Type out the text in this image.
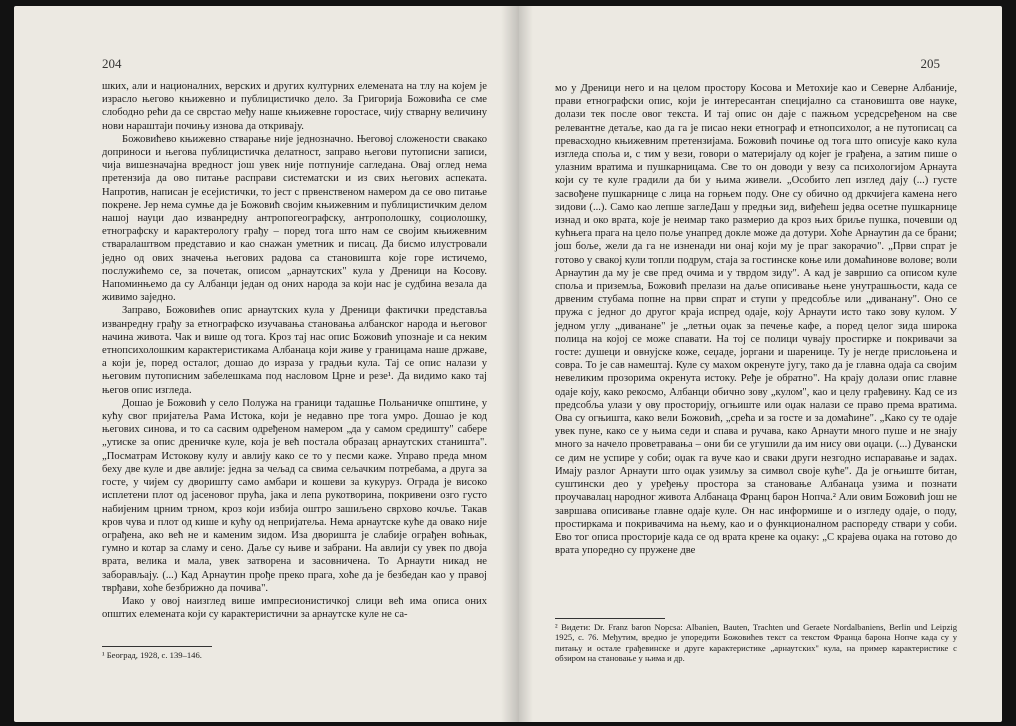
204

шких, али и националних, верских и других културних елемената на тлу на којем је израсло његово књижевно и публицистичко дело. За Григорија Божовића се сме слободно рећи да се сврстао међу наше књижевне горостасе, чију стварну величину нови нараштаји почињу изнова да откривају.

Божовићево књижевно стварање није једнозначно. Његовој сложености свакако доприноси и његова публицистичка делатност, заправо његови путописни записи, чија вишезначајна вредност још увек није потпуније сагледана. Овај оглед нема претензија да ово питање расправи систематски и из свих његових аспеката. Напротив, написан је есејистички, то јест с првенственом намером да се ово питање покрене. Јер нема сумње да је Божовић својим књижевним и публицистичким делом нашој науци дао изванредну антропогеографску, антрополошку, социолошку, етнографску и карактерологу грађу – поред тога што нам се својим књижевним стваралаштвом представио и као снажан уметник и писац. Да бисмо илустровали једно од ових значења његових радова са становишта које горе истичемо, послужићемо се, за почетак, описом „арнаутских" кула у Дреници на Косову. Напоминњемо да су Албанци један од оних народа за који нас је судбина везала да живимо заједно.

Заправо, Божовићев опис арнаутских кула у Дреници фактички представља изванредну грађу за етнографско изучавања становања албанског народа и његовог начина живота. Чак и више од тога. Кроз тај нас опис Божовић упознаје и са неким етнопсихолошким карактеристикама Албанаца који живе у границама наше државе, а који је, поред осталог, дошао до израза у градњи кула. Тај се опис налази у његовим путописним забелешкама под насловом Црне и резе¹. Да видимо како тај његов опис изгледа.

Дошао је Божовић у село Полужа на граници тадашње Польаничке општине, у кућу свог пријатеља Рама Истока, који је недавно пре тога умро. Дошао је код његових синова, и то са сасвим одређеном намером „да у самом средишту" саберe „утиске за опис дреничке куле, која је већ постала образац арнаутских станишта". „Посматрам Истокову кулу и авлију како се то у песми каже. Управо преда мном беху две куле и две авлије: једна за чељад са свима сељачким потребама, а друга за госте, у чијем су дворишту само амбари и кошеви за кукуруз. Ограда је високо исплетени плот од јасеновог прућа, јака и лепа рукотворина, покривени озго густо набијеним црним трном, кроз који избија оштро зашиљено сврхово кочље. Такав кров чува и плот од кише и кућу од непријатеља. Нема арнаутске куће да овако није ограђена, ако већ не и каменим зидом. Иза дворишта је слабије ограђен воћњак, гумно и котар за сламу и сено. Даље су њиве и забрани. На авлији су увек по двоја врата, велика и мала, увек затворена и засовничена. То Арнаути никад не заборављају. (...) Кад Арнаутин прође преко прага, хоће да је безбедан као у правој тврђави, хоће безбрижно да почива".

Иако у овој наизглед више импресионистичкој слици већ има описа оних општих елемената који су карактеристични за арнаутске куле не са-

¹ Београд, 1928, с. 139–146.

205

мо у Дреници него и на целом простору Косова и Метохије као и Северне Албаније, прави етнографски опис, који је интересантан специјално са становишта ове науке, долази тек после овог текста. И тај опис он даје с пажњом усредсређеном на све релевантне детаље, као да га је писао неки етнограф и етнопсихолог, а не путописац са превасходно књижевним претензијама. Божовић почиње од тога што описује како кула изгледа споља и, с тим у вези, говори о материјалу од којег је грађена, а затим пише о улазним вратима и пушкарницама. Све то он доводи у везу са психологијом Арнаута који су те куле градили да би у њима живели. „Особито леп изглед дају (...) густе засвођене пушкарнице с лица на горњем поду. Оне су обично од дркчијега камена него зидови (...). Само као лепше заглеДаш у предњи зид, виђећеш једва осетне пушкарнице изнад и око врата, које је неимар тако размерио да кроз њих бриљe пушка, почевши од кућњега прага на цело поље унапред докле може да дотури. Хоће Арнаутин да се брани; још боље, жели да га не изненади ни онај који му је праг закорачио". „Први спрат је готово у свакој кули топли подрум, стаја за гостинске коње или домаћинове волове; воли Арнаутин да му је све пред очима и у тврдом зиду". А кад је завршио са описом куле споља и приземља, Божовић прелази на даље описивање њене унутрашњости, када се дрвеним стубама попне на први спрат и ступи у предсобље или „диванану". Оно се пружа с једног до другог краја испред одаје, коју Арнаути исто тако зову кулом. У једном углу „диванане" је „летњи оџак за печење кафе, а поред целог зида широка полица на којој се може спавати. На тој се полици чувају простирке и покривачи за госте: душеци и овнујске коже, сеџаде, јоргани и шаренице. Ту је негде прислоњена и совра. То је сав намештај. Куле су махом окренуте југу, тако да је главна одаја са својим невеликим прозорима окренута истоку. Рeђe је обратно". На крају долази опис главне одаје коју, како рекосмо, Албанци обично зову „кулом", као и целу грађевину. Кад се из предсобља улази у ову просторију, огњиште или оџак налази се право према вратима. Ова су огњишта, како вели Божовић, „срећа и за госте и за домаћине". „Како су те одаје увек пуне, како се у њима седи и спава и ручава, како Арнаути много пуше и не знају много за начело проветравања – они би се угушили да им нису ови оџаци. (...) Дувански се дим не успире у соби; оџак га вуче као и сваки други незгодно испаравање и задах. Имају разлог Арнаути што оџак узимљу за символ своје куће". Да је огњиште битан, суштински део у уређењу простора за становање Албанаца узима и познати проучавалац народног живота Албанаца Франц барон Нопча.² Али овим Божовић још не завршава описивање главне одаје куле. Он нас информише и о изгледу одаје, о поду, простиркама и покривачима на њему, као и о функционалном распореду ствари у соби. Ево тог описа просторије када се од врата крене ка оџаку: „С крајева оџака на готово до врата упоредно су пружене две

² Видети: Dr. Franz baron Nopcsa: Albanien, Bauten, Trachten und Geraete Nordalbaniens, Berlin und Leipzig 1925, с. 76. Међутим, вредно је упоредити Божовићев текст са текстом Франца барона Нопче када су у питању и остале грађевинске и друге карактеристике „арнаутских" кула, на пример карактеристике с обзиром на становање у њима и др.
